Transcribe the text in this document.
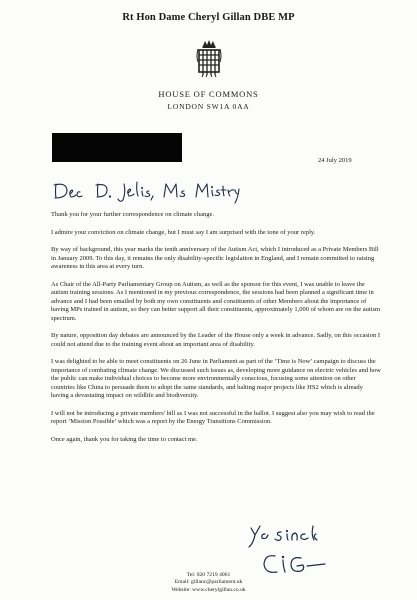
Rt Hon Dame Cheryl Gillan DBE MP
HOUSE OF COMMONS
LONDON SW1A 0AA
24 July 2019

Thank you for your further correspondence on climate change.

I admire your conviction on climate change, but I must say I am surprised with the tone of your reply.

By way of background, this year marks the tenth anniversary of the Autism Act, which I introduced as a Private Members Bill in January 2009. To this day, it remains the only disability-specific legislation in England, and I remain committed to raising awareness in this area at every turn.

As Chair of the All-Party Parliamentary Group on Autism, as well as the sponsor for this event, I was unable to leave the autism training sessions. As I mentioned in my previous correspondence, the sessions had been planned a significant time in advance and I had been emailed by both my own constituents and constituents of other Members about the importance of having MPs trained in autism, so they can better support all their constituents, approximately 1,000 of whom are on the autism spectrum.

By nature, opposition day debates are announced by the Leader of the House only a week in advance. Sadly, on this occasion I could not attend due to the training event about an important area of disability.

I was delighted to be able to meet constituents on 26 June in Parliament as part of the ‘Time is Now’ campaign to discuss the importance of combating climate change. We discussed such issues as, developing more guidance on electric vehicles and how the public can make individual choices to become more environmentally conscious, focusing some attention on other countries like China to persuade them to adopt the same standards, and halting major projects like HS2 which is already having a devastating impact on wildlife and biodiversity.

I will not be introducing a private members' bill as I was not successful in the ballot. I suggest also you may wish to read the report ‘Mission Possible’ which was a report by the Energy Transitions Commission.

Once again, thank you for taking the time to contact me.

Tel: 020 7219 4061
Email: gillanc@parliament.uk
Website: www.cherylgillan.co.uk
